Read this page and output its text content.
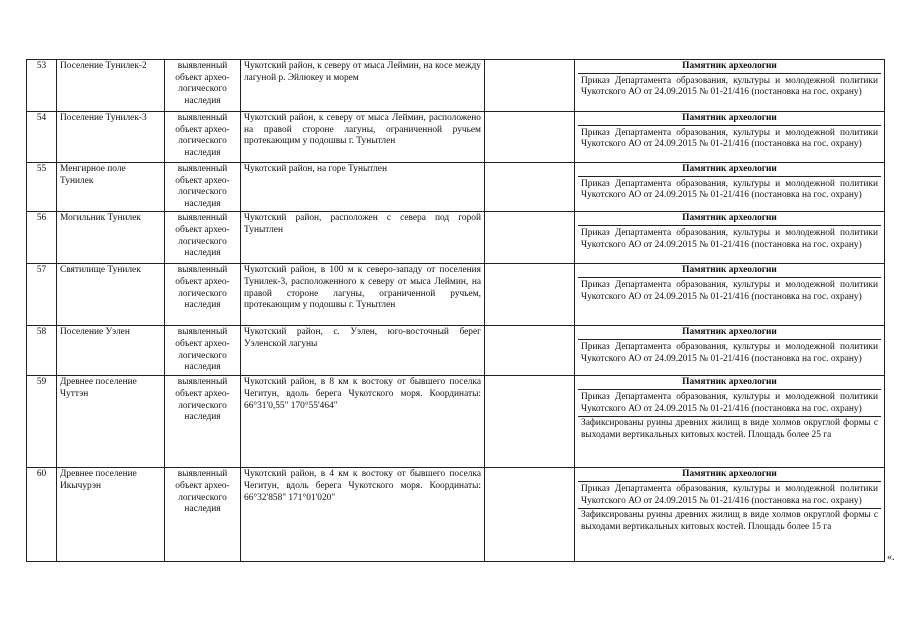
53	Поселение Тунилек-2	выявленный объект архео-логического наследия	Чукотский район, к северу от мыса Леймин, на косе между лагуной р. Эйлюкеу и морем		Памятник археологии
Приказ Департамента образования, культуры и молодежной политики Чукотского АО от 24.09.2015 № 01-21/416 (постановка на гос. охрану)

54	Поселение Тунилек-3	выявленный объект архео-логического наследия	Чукотский район, к северу от мыса Леймин, расположено на правой стороне лагуны, ограниченной ручьем протекающим у подошвы г. Тунытлен		Памятник археологии
Приказ Департамента образования, культуры и молодежной политики Чукотского АО от 24.09.2015 № 01-21/416 (постановка на гос. охрану)

55	Менгирное поле Тунилек	выявленный объект архео-логического наследия	Чукотский район, на горе Тунытлен		Памятник археологии
Приказ Департамента образования, культуры и молодежной политики Чукотского АО от 24.09.2015 № 01-21/416 (постановка на гос. охрану)

56	Могильник Тунилек	выявленный объект архео-логического наследия	Чукотский район, расположен с севера под горой Тунытлен		Памятник археологии
Приказ Департамента образования, культуры и молодежной политики Чукотского АО от 24.09.2015 № 01-21/416 (постановка на гос. охрану)

57	Святилище Тунилек	выявленный объект архео-логического наследия	Чукотский район, в 100 м к северо-западу от поселения Тунилек-3, расположенного к северу от мыса Леймин, на правой стороне лагуны, ограниченной ручьем, протекающим у подошвы г. Тунытлен		Памятник археологии
Приказ Департамента образования, культуры и молодежной политики Чукотского АО от 24.09.2015 № 01-21/416 (постановка на гос. охрану)

58	Поселение Уэлен	выявленный объект архео-логического наследия	Чукотский район, с. Уэлен, юго-восточный берег Уэленской лагуны		Памятник археологии
Приказ Департамента образования, культуры и молодежной политики Чукотского АО от 24.09.2015 № 01-21/416 (постановка на гос. охрану)

59	Древнее поселение Чуттэн	выявленный объект архео-логического наследия	Чукотский район, в 8 км к востоку от бывшего поселка Чегитун, вдоль берега Чукотского моря. Координаты: 66°31'0,55" 170°55'464"		Памятник археологии
Приказ Департамента образования, культуры и молодежной политики Чукотского АО от 24.09.2015 № 01-21/416 (постановка на гос. охрану)
Зафиксированы руины древних жилищ в виде холмов округлой формы с выходами вертикальных китовых костей. Площадь более 25 га

60	Древнее поселение Икычурэн	выявленный объект архео-логического наследия	Чукотский район, в 4 км к востоку от бывшего поселка Чегитун, вдоль берега Чукотского моря. Координаты: 66°32'858" 171°01'020"		Памятник археологии
Приказ Департамента образования, культуры и молодежной политики Чукотского АО от 24.09.2015 № 01-21/416 (постановка на гос. охрану)
Зафиксированы руины древних жилищ в виде холмов округлой формы с выходами вертикальных китовых костей. Площадь более 15 га
«.
